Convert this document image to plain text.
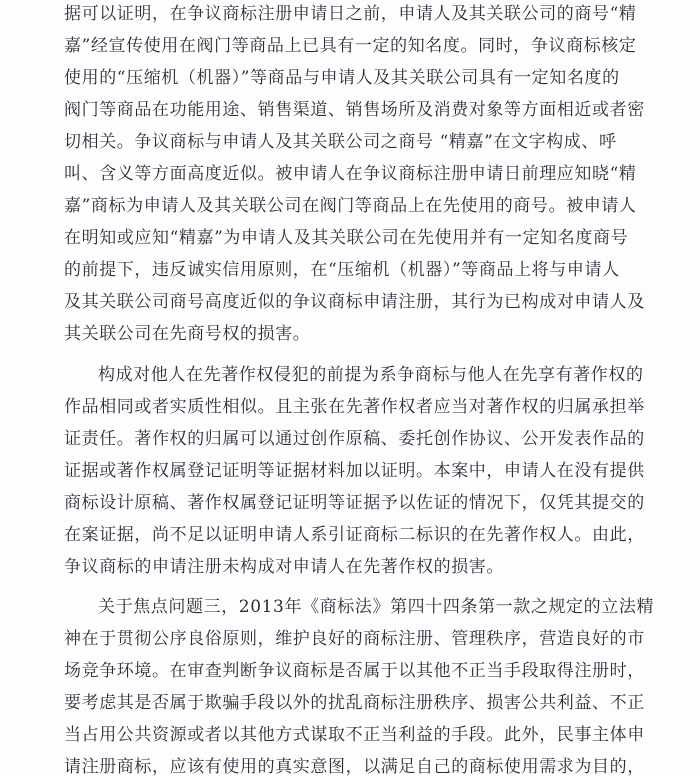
据可以证明，在争议商标注册申请日之前，申请人及其关联公司的商号“精
嘉”经宣传使用在阀门等商品上已具有一定的知名度。同时，争议商标核定
使用的“压缩机（机器）”等商品与申请人及其关联公司具有一定知名度的
阀门等商品在功能用途、销售渠道、销售场所及消费对象等方面相近或者密
切相关。争议商标与申请人及其关联公司之商号 “精嘉”在文字构成、呼
叫、含义等方面高度近似。被申请人在争议商标注册申请日前理应知晓“精
嘉”商标为申请人及其关联公司在阀门等商品上在先使用的商号。被申请人
在明知或应知“精嘉”为申请人及其关联公司在先使用并有一定知名度商号
的前提下，违反诚实信用原则，在“压缩机（机器）”等商品上将与申请人
及其关联公司商号高度近似的争议商标申请注册，其行为已构成对申请人及
其关联公司在先商号权的损害。
构成对他人在先著作权侵犯的前提为系争商标与他人在先享有著作权的
作品相同或者实质性相似。且主张在先著作权者应当对著作权的归属承担举
证责任。著作权的归属可以通过创作原稿、委托创作协议、公开发表作品的
证据或著作权属登记证明等证据材料加以证明。本案中，申请人在没有提供
商标设计原稿、著作权属登记证明等证据予以佐证的情况下，仅凭其提交的
在案证据，尚不足以证明申请人系引证商标二标识的在先著作权人。由此，
争议商标的申请注册未构成对申请人在先著作权的损害。
关于焦点问题三，2013年《商标法》第四十四条第一款之规定的立法精
神在于贯彻公序良俗原则，维护良好的商标注册、管理秩序，营造良好的市
场竞争环境。在审查判断争议商标是否属于以其他不正当手段取得注册时，
要考虑其是否属于欺骗手段以外的扰乱商标注册秩序、损害公共利益、不正
当占用公共资源或者以其他方式谋取不正当利益的手段。此外，民事主体申
请注册商标，应该有使用的真实意图，以满足自己的商标使用需求为目的，
